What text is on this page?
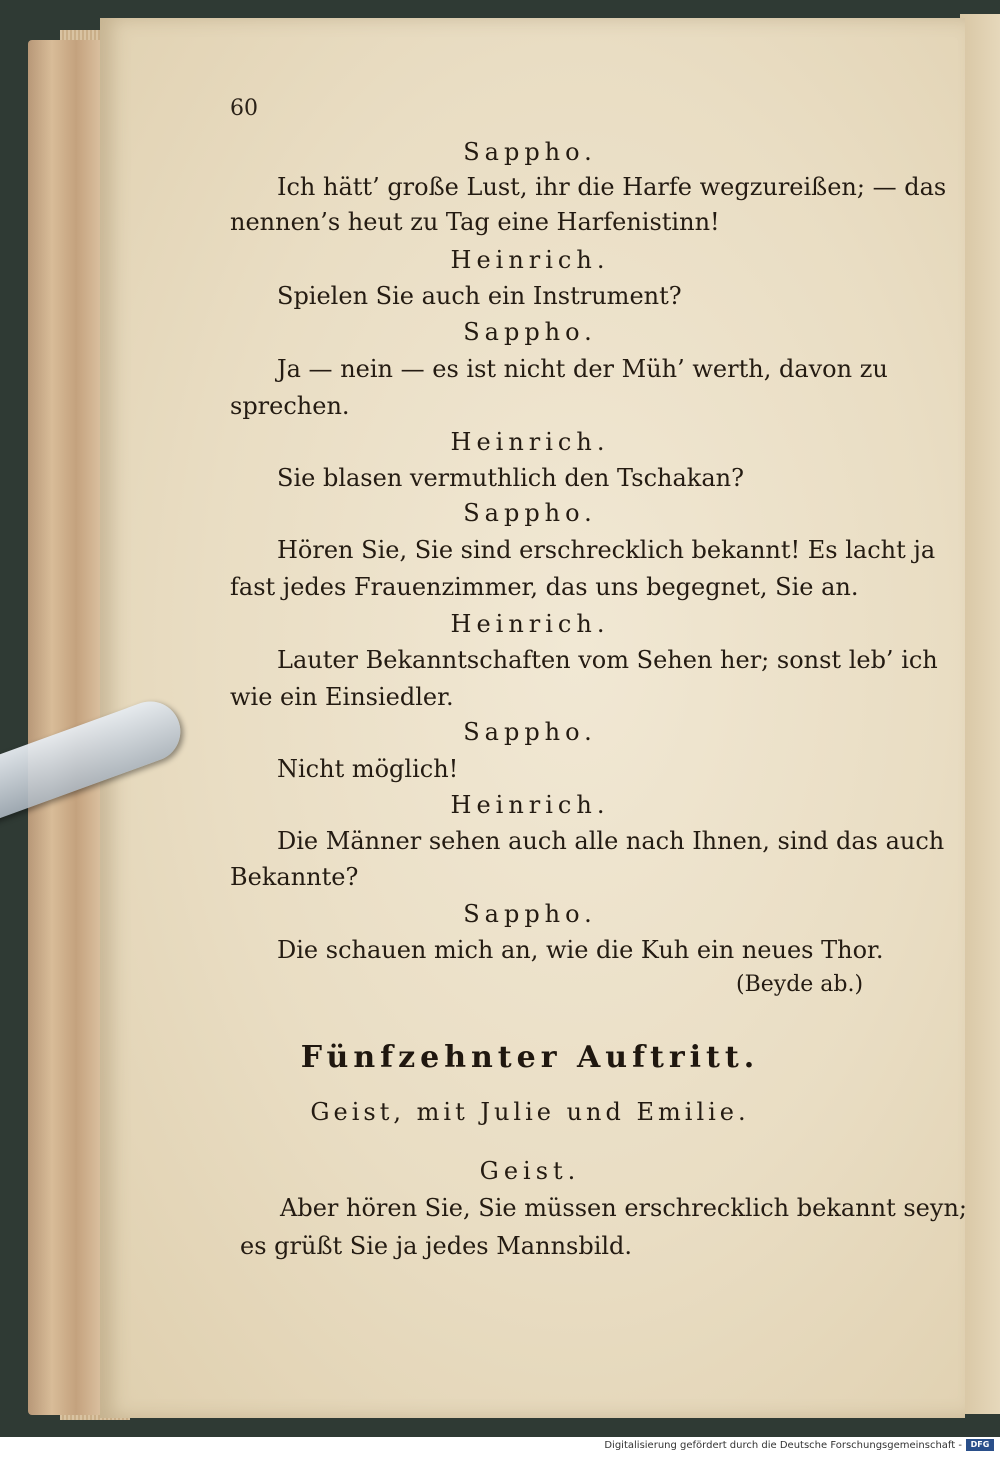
60
Sappho.
Ich hätt’ große Lust, ihr die Harfe wegzureißen; — das
nennen’s heut zu Tag eine Harfenistinn!
Heinrich.
Spielen Sie auch ein Instrument?
Sappho.
Ja — nein — es ist nicht der Müh’ werth, davon zu
sprechen.
Heinrich.
Sie blasen vermuthlich den Tschakan?
Sappho.
Hören Sie, Sie sind erschrecklich bekannt! Es lacht ja
fast jedes Frauenzimmer, das uns begegnet, Sie an.
Heinrich.
Lauter Bekanntschaften vom Sehen her; sonst leb’ ich
wie ein Einsiedler.
Sappho.
Nicht möglich!
Heinrich.
Die Männer sehen auch alle nach Ihnen, sind das auch
Bekannte?
Sappho.
Die schauen mich an, wie die Kuh ein neues Thor.
(Beyde ab.)
Fünfzehnter Auftritt.
Geist, mit Julie und Emilie.
Geist.
Aber hören Sie, Sie müssen erschrecklich bekannt seyn;
es grüßt Sie ja jedes Mannsbild.
Digitalisierung gefördert durch die Deutsche Forschungsgemeinschaft -	DFG
